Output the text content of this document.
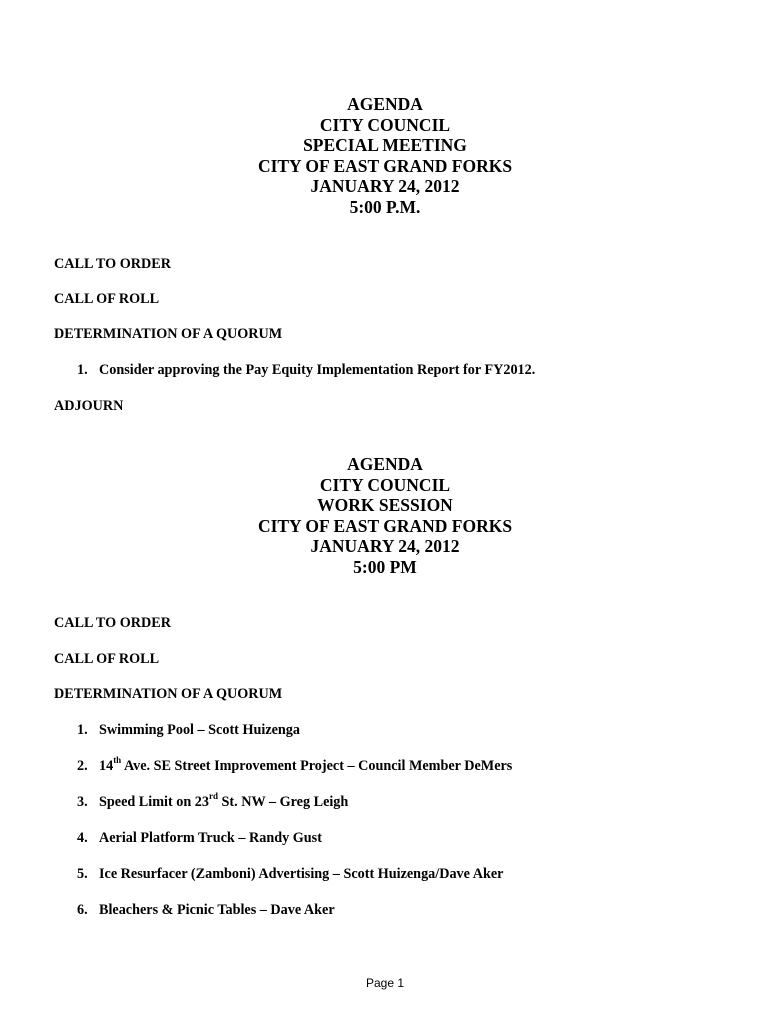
AGENDA
CITY COUNCIL
SPECIAL MEETING
CITY OF EAST GRAND FORKS
JANUARY 24, 2012
5:00 P.M.
CALL TO ORDER
CALL OF ROLL
DETERMINATION OF A QUORUM
1. Consider approving the Pay Equity Implementation Report for FY2012.
ADJOURN
AGENDA
CITY COUNCIL
WORK SESSION
CITY OF EAST GRAND FORKS
JANUARY 24, 2012
5:00 PM
CALL TO ORDER
CALL OF ROLL
DETERMINATION OF A QUORUM
1. Swimming Pool – Scott Huizenga
2. 14th Ave. SE Street Improvement Project – Council Member DeMers
3. Speed Limit on 23rd St. NW – Greg Leigh
4. Aerial Platform Truck – Randy Gust
5. Ice Resurfacer (Zamboni) Advertising – Scott Huizenga/Dave Aker
6. Bleachers & Picnic Tables – Dave Aker
Page 1
